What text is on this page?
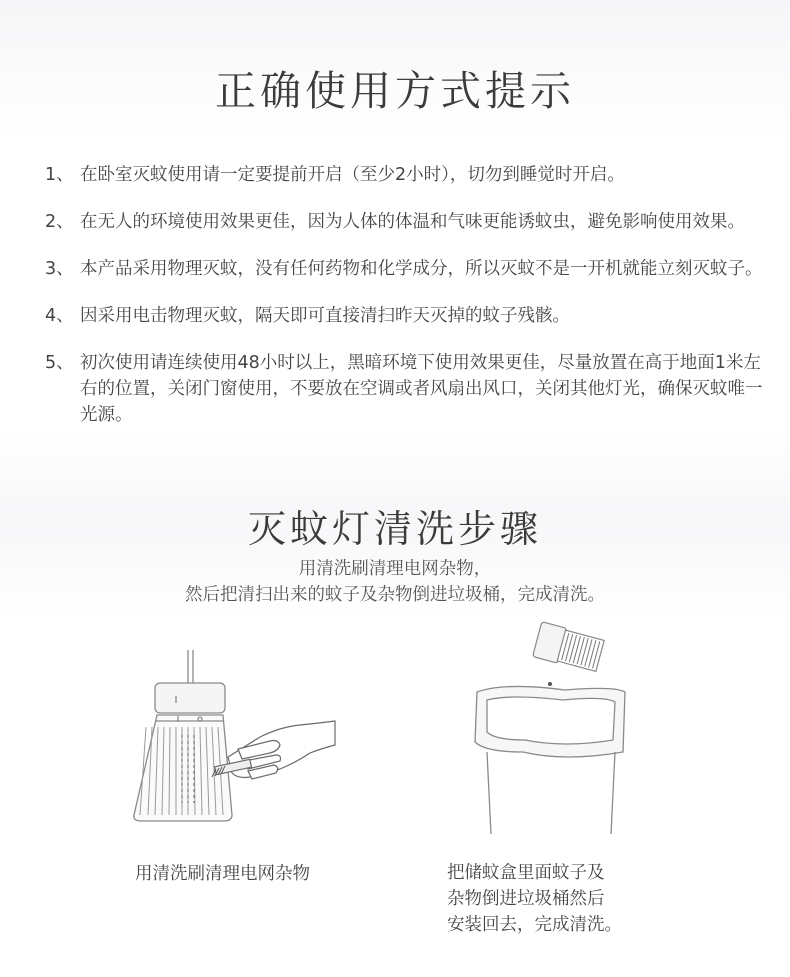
正确使用方式提示
1、 在卧室灭蚊使用请一定要提前开启（至少2小时），切勿到睡觉时开启。
2、 在无人的环境使用效果更佳，因为人体的体温和气味更能诱蚊虫，避免影响使用效果。
3、 本产品采用物理灭蚊，没有任何药物和化学成分，所以灭蚊不是一开机就能立刻灭蚊子。
4、 因采用电击物理灭蚊，隔天即可直接清扫昨天灭掉的蚊子残骸。
5、 初次使用请连续使用48小时以上，黑暗环境下使用效果更佳，尽量放置在高于地面1米左右的位置，关闭门窗使用，不要放在空调或者风扇出风口，关闭其他灯光，确保灭蚊唯一光源。
灭蚊灯清洗步骤
用清洗刷清理电网杂物，
然后把清扫出来的蚊子及杂物倒进垃圾桶，完成清洗。
用清洗刷清理电网杂物	把储蚊盒里面蚊子及
杂物倒进垃圾桶然后
安装回去，完成清洗。
